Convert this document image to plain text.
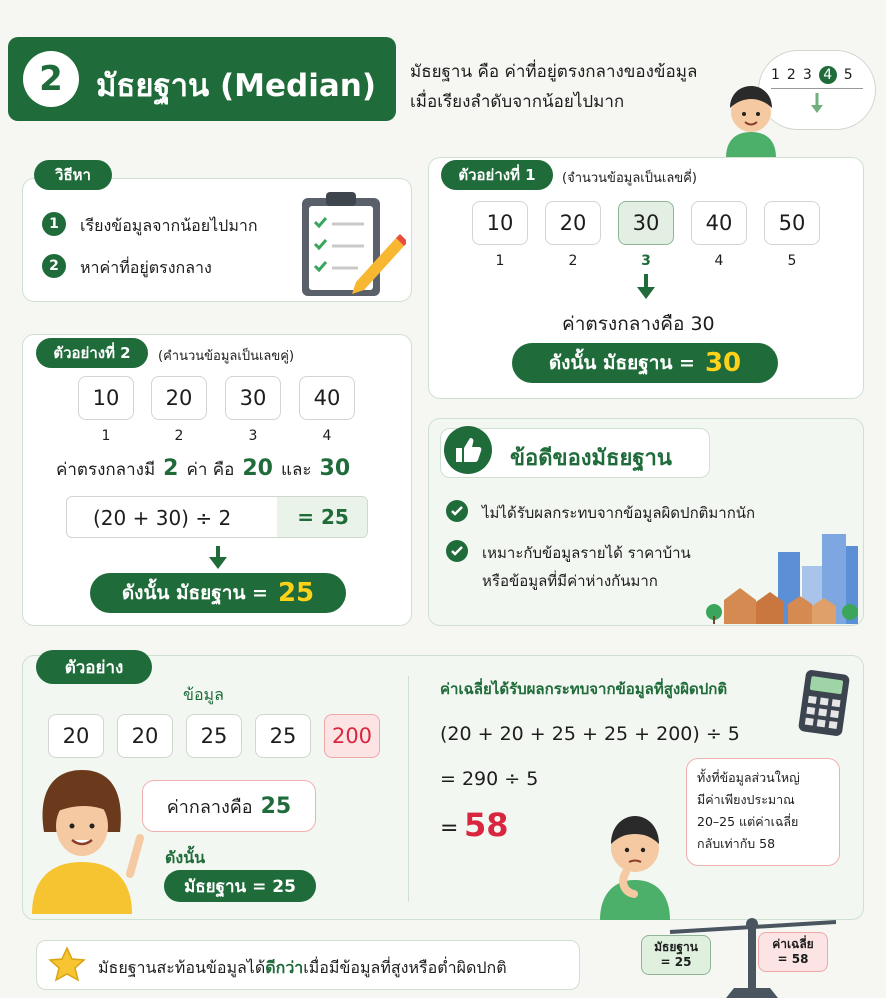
2 มัธยฐาน (Median) มัธยฐาน คือ ค่าที่อยู่ตรงกลางของข้อมูล
เมื่อเรียงลำดับจากน้อยไปมาก
1 2 3 4 5
วิธีหา
1	เรียงข้อมูลจากน้อยไปมาก
2	หาค่าที่อยู่ตรงกลาง
ตัวอย่างที่ 1	(จำนวนข้อมูลเป็นเลขคี่)
10	20	30	40	50
1	2	3	4	5
ค่าตรงกลางคือ 30
ดังนั้น มัธยฐาน = 30
ตัวอย่างที่ 2	(คำนวนข้อมูลเป็นเลขคู่)
10	20	30	40
1	2	3	4
ค่าตรงกลางมี 2 ค่า คือ 20 และ 30
(20 + 30) ÷ 2	= 25
ดังนั้น มัธยฐาน = 25
ข้อดีของมัธยฐาน
ไม่ได้รับผลกระทบจากข้อมูลผิดปกติมากนัก
เหมาะกับข้อมูลรายได้ ราคาบ้าน
หรือข้อมูลที่มีค่าห่างกันมาก
ตัวอย่าง
ข้อมูล
20	20	25	25	200
ค่ากลางคือ 25
ดังนั้น
มัธยฐาน = 25
ค่าเฉลี่ยได้รับผลกระทบจากข้อมูลที่สูงผิดปกติ
(20 + 20 + 25 + 25 + 200) ÷ 5
= 290 ÷ 5
= 58
ทั้งที่ข้อมูลส่วนใหญ่
มีค่าเพียงประมาณ
20–25 แต่ค่าเฉลี่ย
กลับเท่ากับ 58
มัธยฐานสะท้อนข้อมูลได้ดีกว่าเมื่อมีข้อมูลที่สูงหรือต่ำผิดปกติ
มัธยฐาน
= 25
ค่าเฉลี่ย
= 58
